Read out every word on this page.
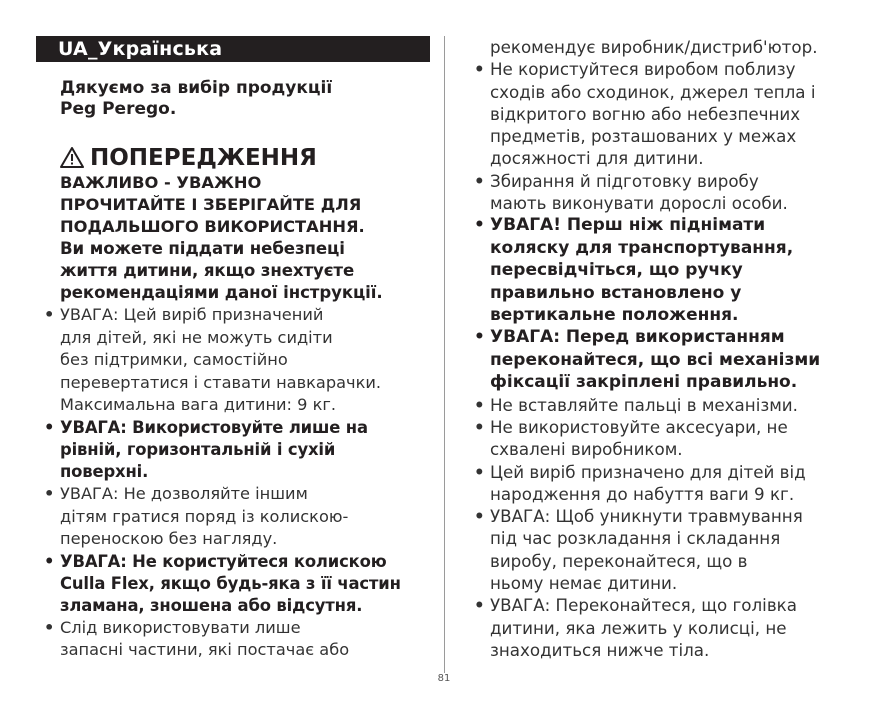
UA_Українська
Дякуємо за вибір продукції
Peg Perego.
ПОПЕРЕДЖЕННЯ
ВАЖЛИВО - УВАЖНО
ПРОЧИТАЙТЕ І ЗБЕРІГАЙТЕ ДЛЯ
ПОДАЛЬШОГО ВИКОРИСТАННЯ.
Ви можете піддати небезпеці
життя дитини, якщо знехтуєте
рекомендаціями даної інструкції.
• УВАГА: Цей виріб призначений
для дітей, які не можуть сидіти
без підтримки, самостійно
перевертатися і ставати навкарачки.
Максимальна вага дитини: 9 кг.
• УВАГА: Використовуйте лише на
рівній, горизонтальній і сухій
поверхні.
• УВАГА: Не дозволяйте іншим
дітям гратися поряд із колискою-
переноскою без нагляду.
• УВАГА: Не користуйтеся колискою
Culla Flex, якщо будь-яка з її частин
зламана, зношена або відсутня.
• Слід використовувати лише
запасні частини, які постачає або
рекомендує виробник/дистриб'ютор.
• Не користуйтеся виробом поблизу
сходів або сходинок, джерел тепла і
відкритого вогню або небезпечних
предметів, розташованих у межах
досяжності для дитини.
• Збирання й підготовку виробу
мають виконувати дорослі особи.
• УВАГА! Перш ніж піднімати
коляску для транспортування,
пересвідчіться, що ручку
правильно встановлено у
вертикальне положення.
• УВАГА: Перед використанням
переконайтеся, що всі механізми
фіксації закріплені правильно.
• Не вставляйте пальці в механізми.
• Не використовуйте аксесуари, не
схвалені виробником.
• Цей виріб призначено для дітей від
народження до набуття ваги 9 кг.
• УВАГА: Щоб уникнути травмування
під час розкладання і складання
виробу, переконайтеся, що в
ньому немає дитини.
• УВАГА: Переконайтеся, що голівка
дитини, яка лежить у колисці, не
знаходиться нижче тіла.
81
